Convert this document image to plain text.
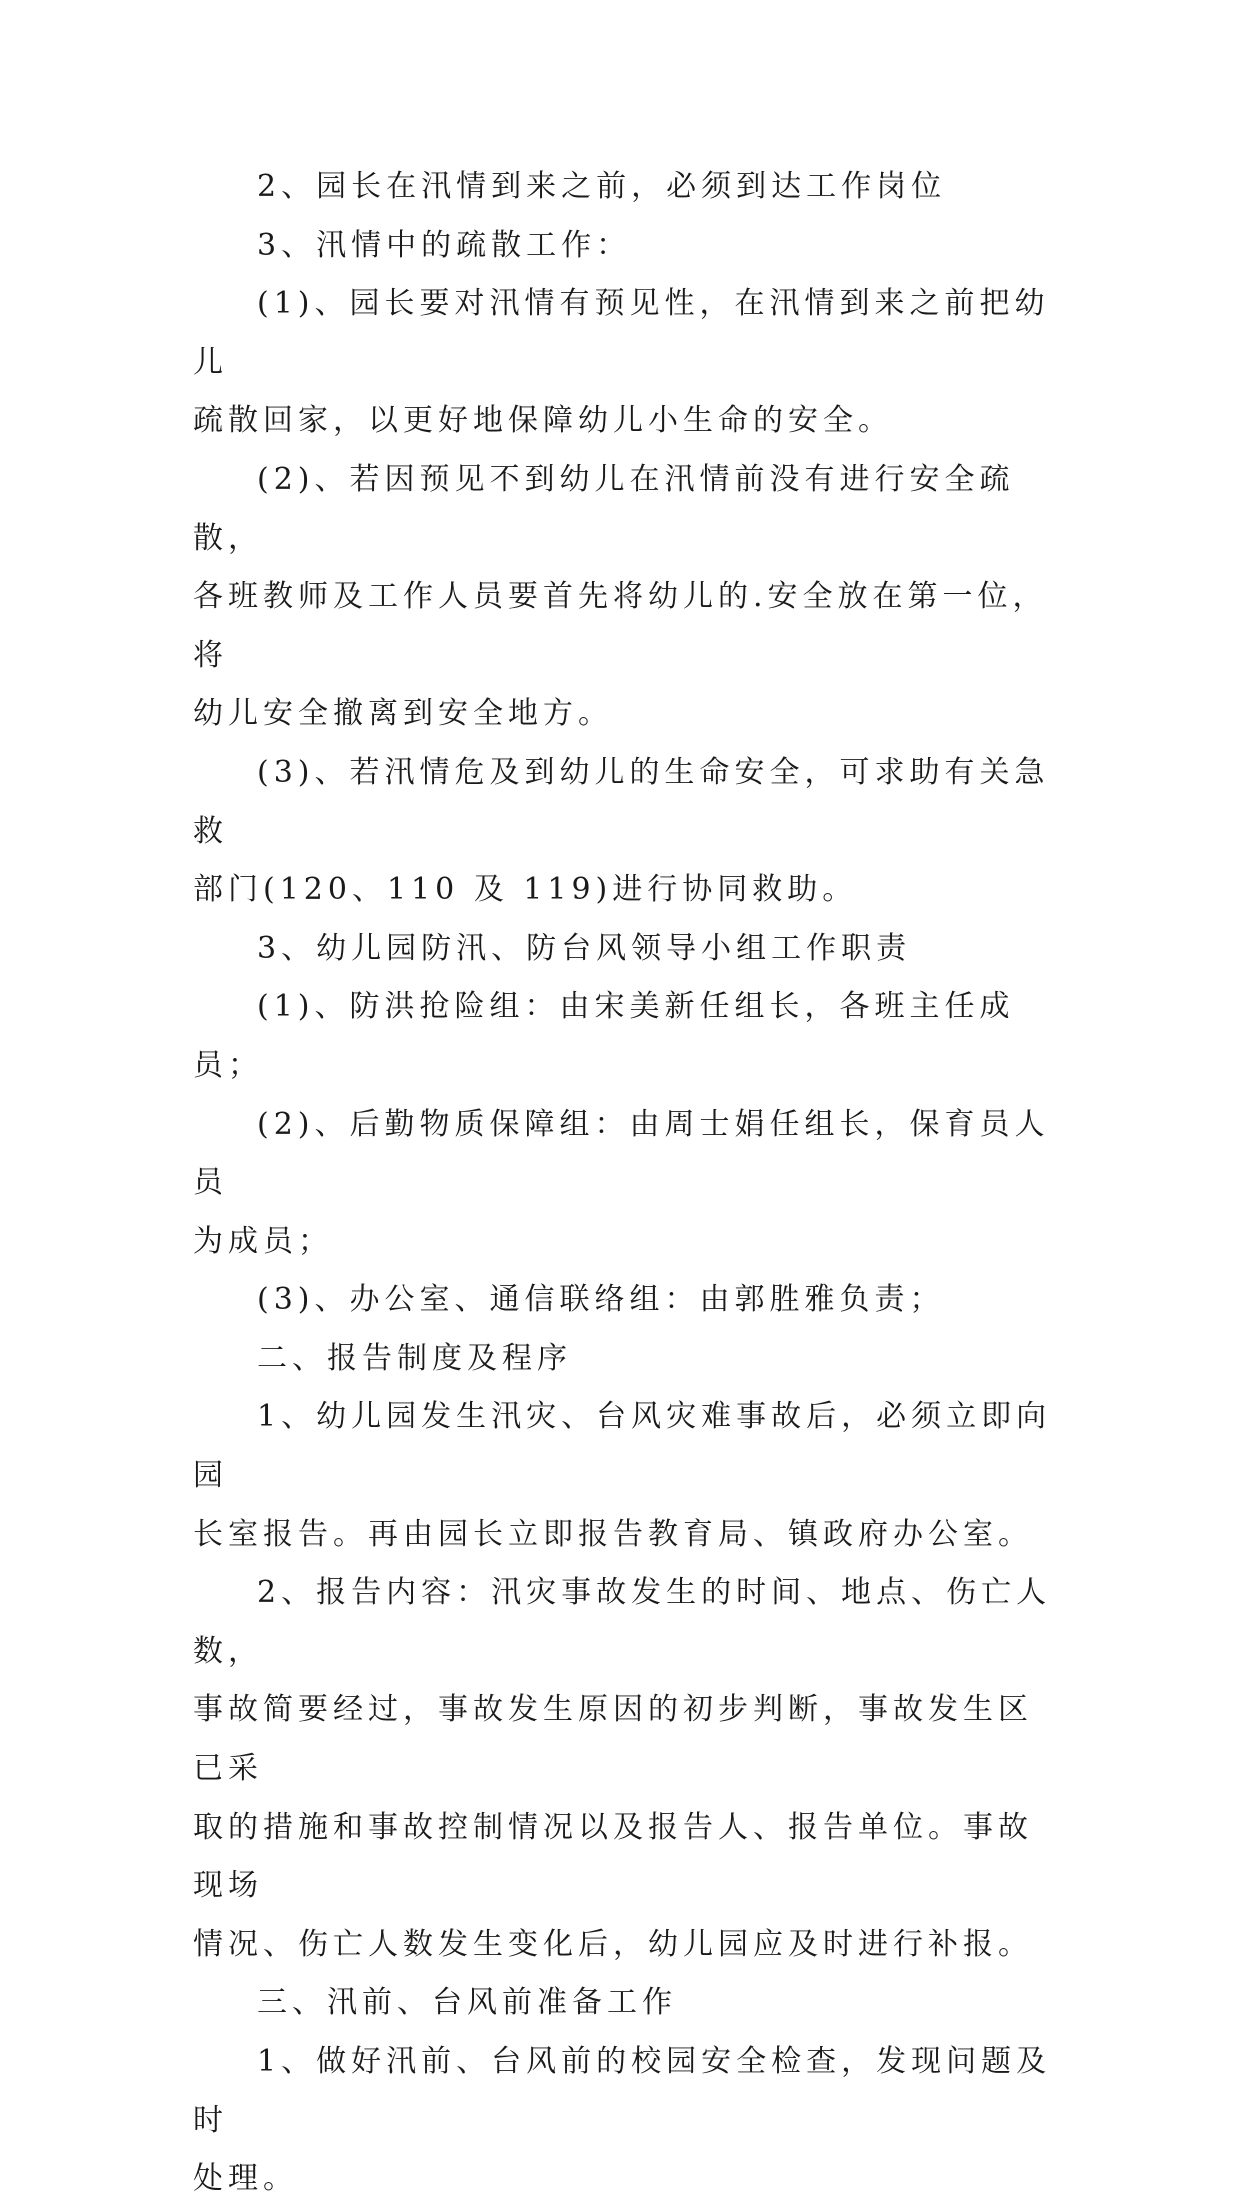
2、园长在汛情到来之前，必须到达工作岗位

3、汛情中的疏散工作：

(1)、园长要对汛情有预见性，在汛情到来之前把幼儿
疏散回家，以更好地保障幼儿小生命的安全。

(2)、若因预见不到幼儿在汛情前没有进行安全疏散，
各班教师及工作人员要首先将幼儿的.安全放在第一位，将
幼儿安全撤离到安全地方。

(3)、若汛情危及到幼儿的生命安全，可求助有关急救
部门(120、110 及 119)进行协同救助。

3、幼儿园防汛、防台风领导小组工作职责

(1)、防洪抢险组：由宋美新任组长，各班主任成员；

(2)、后勤物质保障组：由周士娟任组长，保育员人员
为成员；

(3)、办公室、通信联络组：由郭胜雅负责；

二、报告制度及程序

1、幼儿园发生汛灾、台风灾难事故后，必须立即向园
长室报告。再由园长立即报告教育局、镇政府办公室。

2、报告内容：汛灾事故发生的时间、地点、伤亡人数，
事故简要经过，事故发生原因的初步判断，事故发生区已采
取的措施和事故控制情况以及报告人、报告单位。事故现场
情况、伤亡人数发生变化后，幼儿园应及时进行补报。

三、汛前、台风前准备工作

1、做好汛前、台风前的校园安全检查，发现问题及时
处理。
